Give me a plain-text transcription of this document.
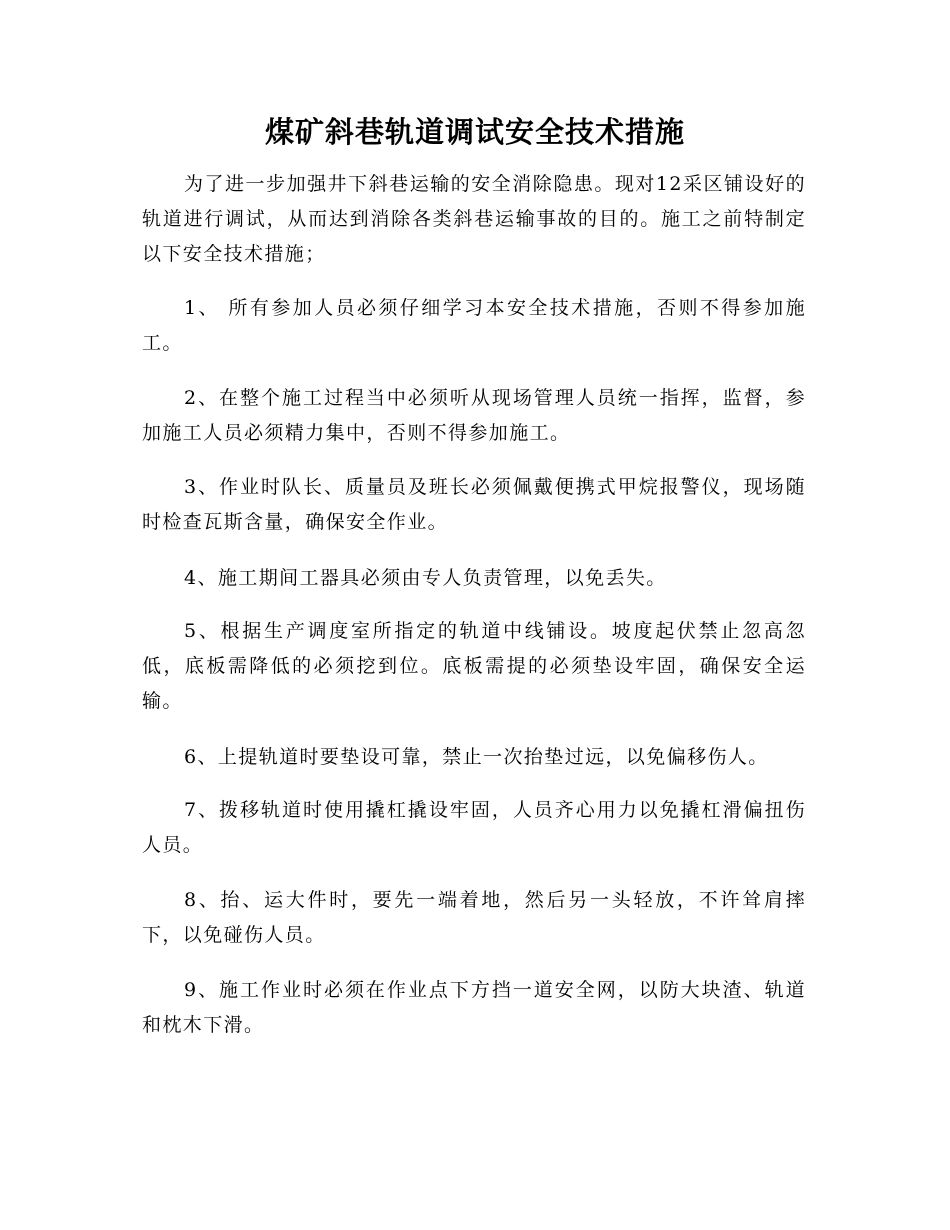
煤矿斜巷轨道调试安全技术措施

为了进一步加强井下斜巷运输的安全消除隐患。现对12采区铺设好的轨道进行调试，从而达到消除各类斜巷运输事故的目的。施工之前特制定以下安全技术措施；

1、 所有参加人员必须仔细学习本安全技术措施，否则不得参加施工。

2、在整个施工过程当中必须听从现场管理人员统一指挥，监督，参加施工人员必须精力集中，否则不得参加施工。

3、作业时队长、质量员及班长必须佩戴便携式甲烷报警仪，现场随时检查瓦斯含量，确保安全作业。

4、施工期间工器具必须由专人负责管理，以免丢失。

5、根据生产调度室所指定的轨道中线铺设。坡度起伏禁止忽高忽低，底板需降低的必须挖到位。底板需提的必须垫设牢固，确保安全运输。

6、上提轨道时要垫设可靠，禁止一次抬垫过远，以免偏移伤人。

7、拨移轨道时使用撬杠撬设牢固，人员齐心用力以免撬杠滑偏扭伤人员。

8、抬、运大件时，要先一端着地，然后另一头轻放，不许耸肩摔下，以免碰伤人员。

9、施工作业时必须在作业点下方挡一道安全网，以防大块渣、轨道和枕木下滑。
